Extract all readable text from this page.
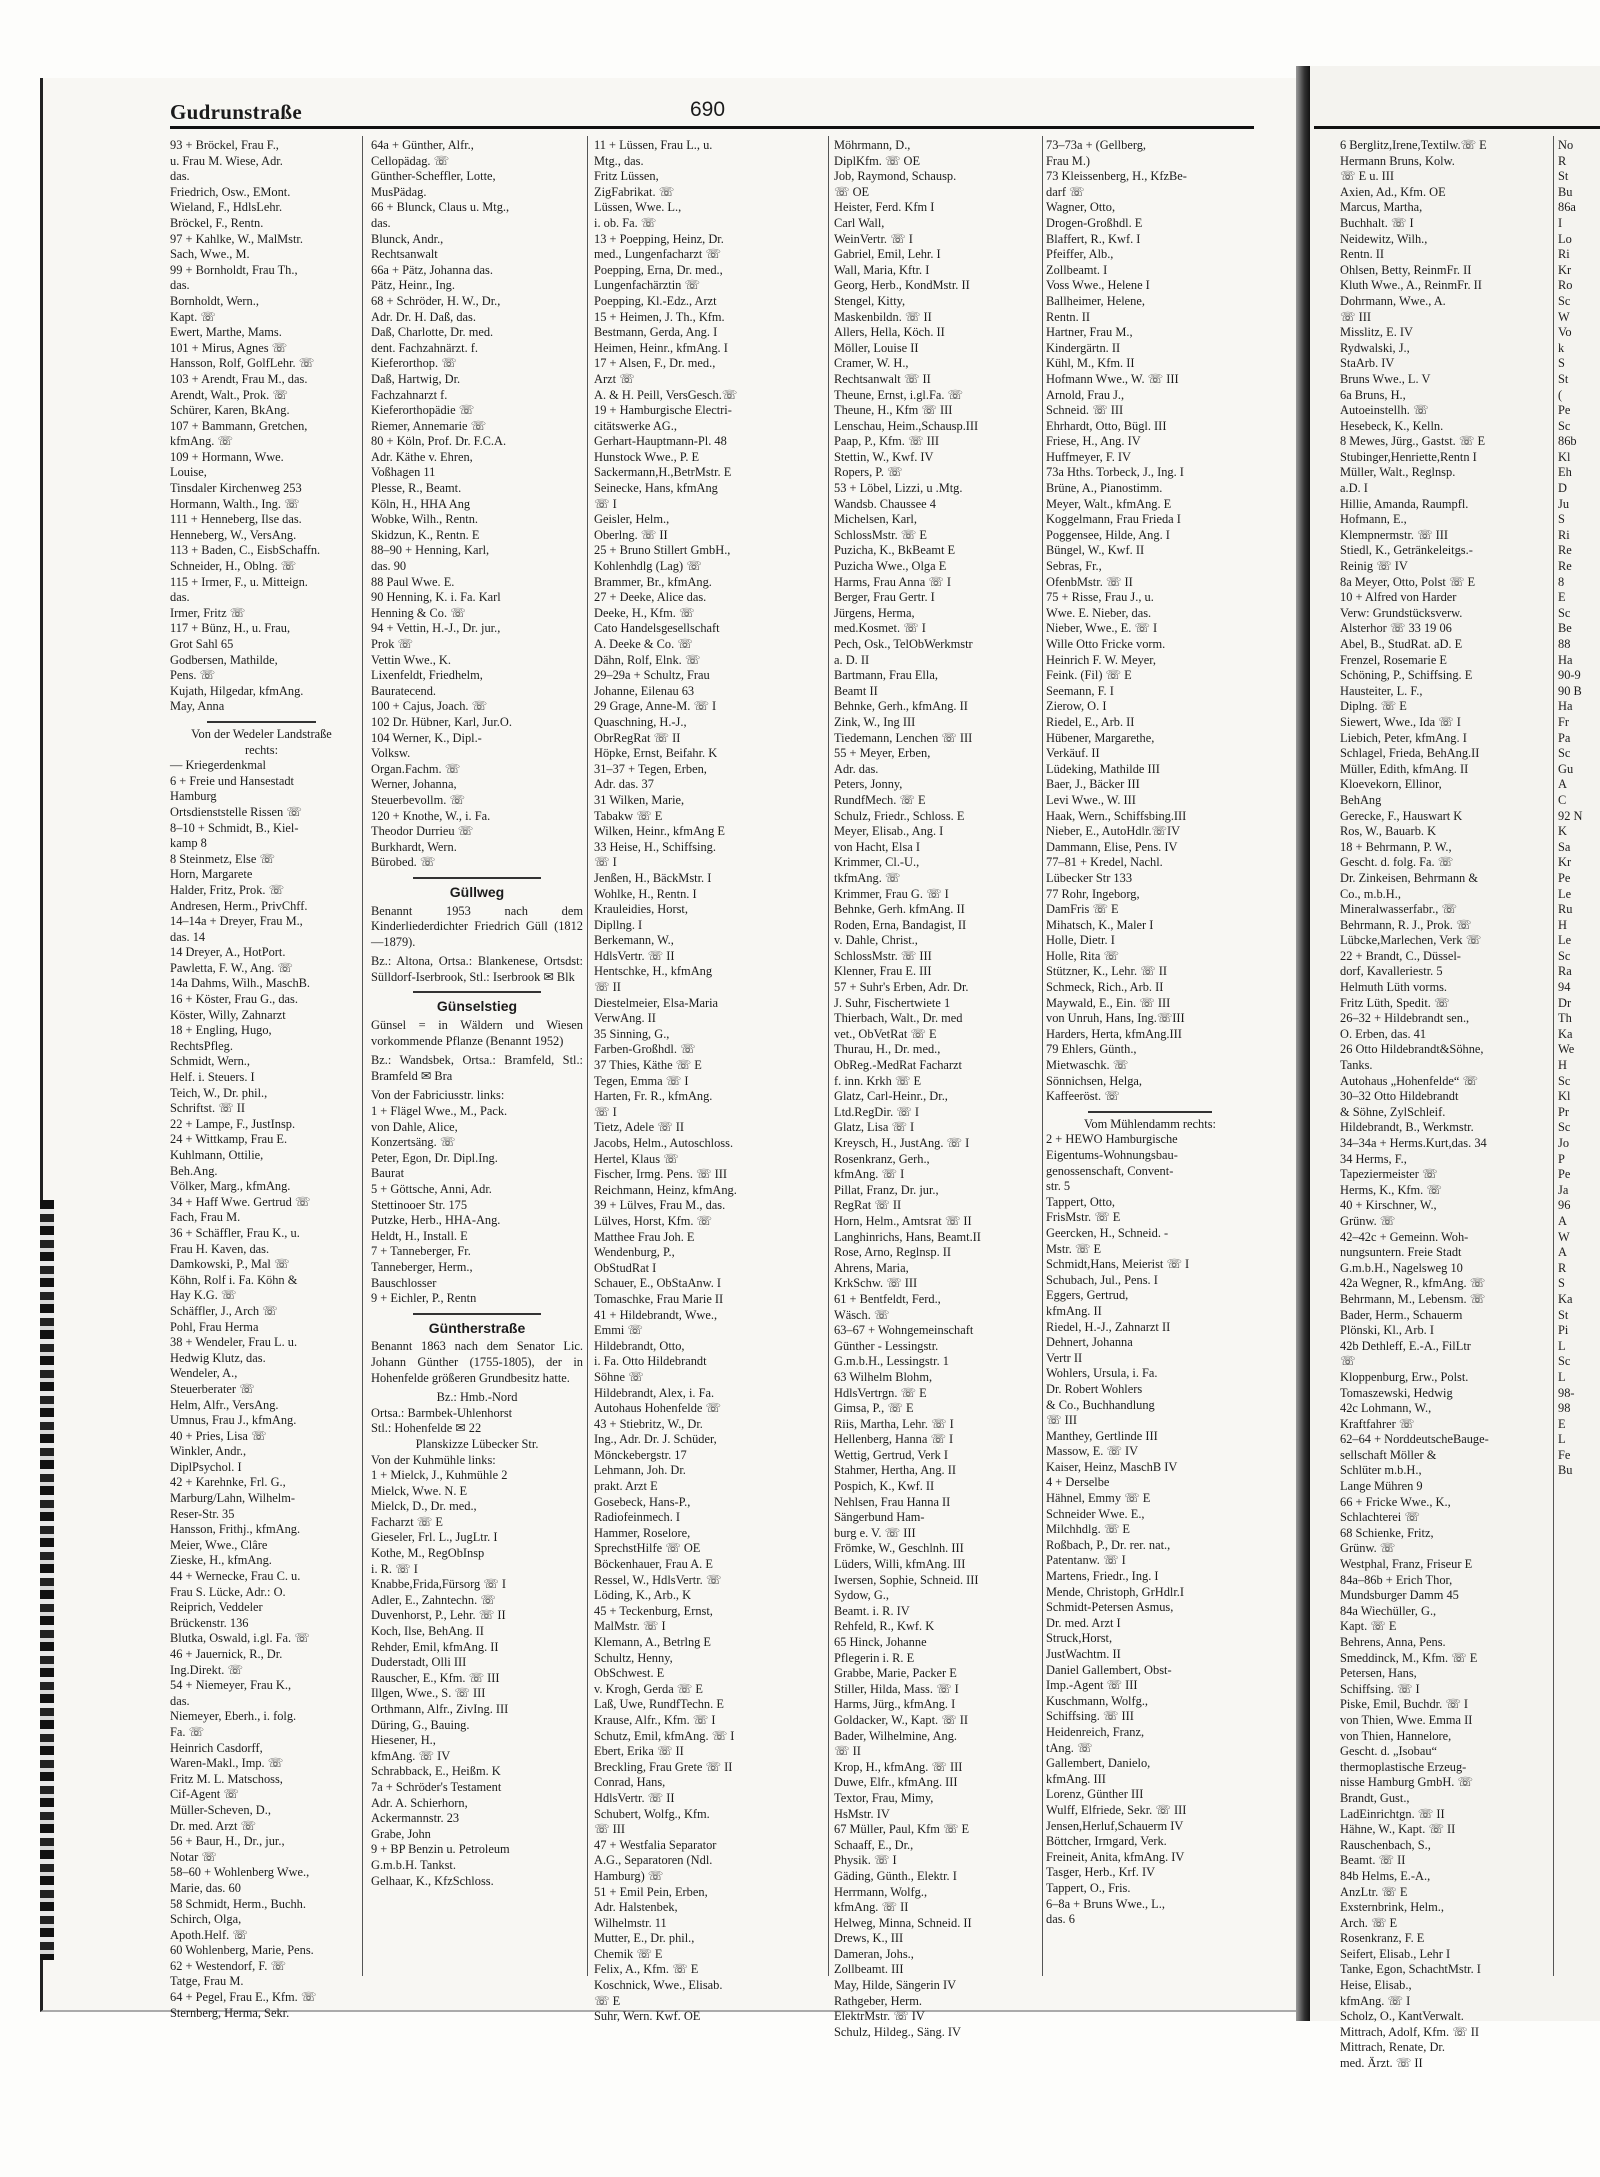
Gudrunstraße	690
93 + Bröckel, Frau F.,
u. Frau M. Wiese, Adr.
das.
Friedrich, Osw., EMont.
Wieland, F., HdlsLehr.
Bröckel, F., Rentn.
97 + Kahlke, W., MalMstr.
Sach, Wwe., M.
99 + Bornholdt, Frau Th.,
das.
Bornholdt, Wern.,
Kapt. ☏
Ewert, Marthe, Mams.
101 + Mirus, Agnes ☏
Hansson, Rolf, GolfLehr. ☏
103 + Arendt, Frau M., das.
Arendt, Walt., Prok. ☏
Schürer, Karen, BkAng.
107 + Bammann, Gretchen,
kfmAng. ☏
109 + Hormann, Wwe.
Louise,
Tinsdaler Kirchenweg 253
Hormann, Walth., Ing. ☏
111 + Henneberg, Ilse das.
Henneberg, W., VersAng.
113 + Baden, C., EisbSchaffn.
Schneider, H., Oblng. ☏
115 + Irmer, F., u. Mitteign.
das.
Irmer, Fritz ☏
117 + Bünz, H., u. Frau,
Grot Sahl 65
Godbersen, Mathilde,
Pens. ☏
Kujath, Hilgedar, kfmAng.
May, Anna
Von der Wedeler Landstraße
rechts:
— Kriegerdenkmal
6 + Freie und Hansestadt
Hamburg
Ortsdienststelle Rissen ☏
8–10 + Schmidt, B., Kiel-
kamp 8
8 Steinmetz, Else ☏
Horn, Margarete
Halder, Fritz, Prok. ☏
Andresen, Herm., PrivChff.
14–14a + Dreyer, Frau M.,
das. 14
14 Dreyer, A., HotPort.
Pawletta, F. W., Ang. ☏
14a Dahms, Wilh., MaschB.
16 + Köster, Frau G., das.
Köster, Willy, Zahnarzt
18 + Engling, Hugo,
RechtsPfleg.
Schmidt, Wern.,
Helf. i. Steuers. I
Teich, W., Dr. phil.,
Schriftst. ☏ II
22 + Lampe, F., JustInsp.
24 + Wittkamp, Frau E.
Kuhlmann, Ottilie,
Beh.Ang.
Völker, Marg., kfmAng.
34 + Haff Wwe. Gertrud ☏
Fach, Frau M.
36 + Schäffler, Frau K., u.
Frau H. Kaven, das.
Damkowski, P., Mal ☏
Köhn, Rolf i. Fa. Köhn &
Hay K.G. ☏
Schäffler, J., Arch ☏
Pohl, Frau Herma
38 + Wendeler, Frau L. u.
Hedwig Klutz, das.
Wendeler, A.,
Steuerberater ☏
Helm, Alfr., VersAng.
Umnus, Frau J., kfmAng.
40 + Pries, Lisa ☏
Winkler, Andr.,
DiplPsychol. I
42 + Karehnke, Frl. G.,
Marburg/Lahn, Wilhelm-
Reser-Str. 35
Hansson, Frithj., kfmAng.
Meier, Wwe., Clâre
Zieske, H., kfmAng.
44 + Wernecke, Frau C. u.
Frau S. Lücke, Adr.: O.
Reiprich, Veddeler
Brückenstr. 136
Blutka, Oswald, i.gl. Fa. ☏
46 + Jauernick, R., Dr.
Ing.Direkt. ☏
54 + Niemeyer, Frau K.,
das.
Niemeyer, Eberh., i. folg.
Fa. ☏
Heinrich Casdorff,
Waren-Makl., Imp. ☏
Fritz M. L. Matschoss,
Cif-Agent ☏
Müller-Scheven, D.,
Dr. med. Arzt ☏
56 + Baur, H., Dr., jur.,
Notar ☏
58–60 + Wohlenberg Wwe.,
Marie, das. 60
58 Schmidt, Herm., Buchh.
Schirch, Olga,
Apoth.Helf. ☏
60 Wohlenberg, Marie, Pens.
62 + Westendorf, F. ☏
Tatge, Frau M.
64 + Pegel, Frau E., Kfm. ☏
Sternberg, Herma, Sekr.
64a + Günther, Alfr.,
Cellopädag. ☏
Günther-Scheffler, Lotte,
MusPädag.
66 + Blunck, Claus u. Mtg.,
das.
Blunck, Andr.,
Rechtsanwalt
66a + Pätz, Johanna das.
Pätz, Heinr., Ing.
68 + Schröder, H. W., Dr.,
Adr. Dr. H. Daß, das.
Daß, Charlotte, Dr. med.
dent. Fachzahnärzt. f.
Kieferorthop. ☏
Daß, Hartwig, Dr.
Fachzahnarzt f.
Kieferorthopädie ☏
Riemer, Annemarie ☏
80 + Köln, Prof. Dr. F.C.A.
Adr. Käthe v. Ehren,
Voßhagen 11
Plesse, R., Beamt.
Köln, H., HHA Ang
Wobke, Wilh., Rentn.
Skidzun, K., Rentn. E
88–90 + Henning, Karl,
das. 90
88 Paul Wwe. E.
90 Henning, K. i. Fa. Karl
Henning & Co. ☏
94 + Vettin, H.-J., Dr. jur.,
Prok ☏
Vettin Wwe., K.
Lixenfeldt, Friedhelm,
Bauratecend.
100 + Cajus, Joach. ☏
102 Dr. Hübner, Karl, Jur.O.
104 Werner, K., Dipl.-
Volksw.
Organ.Fachm. ☏
Werner, Johanna,
Steuerbevollm. ☏
120 + Knothe, W., i. Fa.
Theodor Durrieu ☏
Burkhardt, Wern.
Bürobed. ☏
Güllweg
Benannt 1953 nach dem Kinderliederdichter Friedrich Güll (1812—1879).
Bz.: Altona, Ortsa.: Blankenese, Ortsdst: Sülldorf-Iserbrook, Stl.: Iserbrook ✉ Blk
Günselstieg
Günsel = in Wäldern und Wiesen vorkommende Pflanze (Benannt 1952)
Bz.: Wandsbek, Ortsa.: Bramfeld, Stl.: Bramfeld ✉ Bra
Von der Fabriciusstr. links:
1 + Flägel Wwe., M., Pack.
von Dahle, Alice,
Konzertsäng. ☏
Peter, Egon, Dr. Dipl.Ing.
Baurat
5 + Göttsche, Anni, Adr.
Stettinooer Str. 175
Putzke, Herb., HHA-Ang.
Heldt, H., Install. E
7 + Tanneberger, Fr.
Tanneberger, Herm.,
Bauschlosser
9 + Eichler, P., Rentn
Güntherstraße
Benannt 1863 nach dem Senator Lic. Johann Günther (1755-1805), der in Hohenfelde größeren Grundbesitz hatte.
Bz.: Hmb.-Nord
Ortsa.: Barmbek-Uhlenhorst
Stl.: Hohenfelde ✉ 22
Planskizze Lübecker Str.
Von der Kuhmühle links:
1 + Mielck, J., Kuhmühle 2
Mielck, Wwe. N. E
Mielck, D., Dr. med.,
Facharzt ☏ E
Gieseler, Frl. L., JugLtr. I
Kothe, M., RegObInsp
i. R. ☏ I
Knabbe,Frida,Fürsorg ☏ I
Adler, E., Zahntechn. ☏
Duvenhorst, P., Lehr. ☏ II
Koch, Ilse, BehAng. II
Rehder, Emil, kfmAng. II
Duderstadt, Olli III
Rauscher, E., Kfm. ☏ III
Illgen, Wwe., S. ☏ III
Orthmann, Alfr., ZivIng. III
Düring, G., Bauing.
Hiesener, H.,
kfmAng. ☏ IV
Schrabback, E., Heißm. K
7a + Schröder's Testament
Adr. A. Schierhorn,
Ackermannstr. 23
Grabe, John
9 + BP Benzin u. Petroleum
G.m.b.H. Tankst.
Gelhaar, K., KfzSchloss.
11 + Lüssen, Frau L., u.
Mtg., das.
Fritz Lüssen,
ZigFabrikat. ☏
Lüssen, Wwe. L.,
i. ob. Fa. ☏
13 + Poepping, Heinz, Dr.
med., Lungenfacharzt ☏
Poepping, Erna, Dr. med.,
Lungenfachärztin ☏
Poepping, Kl.-Edz., Arzt
15 + Heimen, J. Th., Kfm.
Bestmann, Gerda, Ang. I
Heimen, Heinr., kfmAng. I
17 + Alsen, F., Dr. med.,
Arzt ☏
A. & H. Peill, VersGesch.☏
19 + Hamburgische Electri-
citätswerke AG.,
Gerhart-Hauptmann-Pl. 48
Hunstock Wwe., P. E
Sackermann,H.,BetrMstr. E
Seinecke, Hans, kfmAng
☏ I
Geisler, Helm.,
Oberlng. ☏ II
25 + Bruno Stillert GmbH.,
Kohlenhdlg (Lag) ☏
Brammer, Br., kfmAng.
27 + Deeke, Alice das.
Deeke, H., Kfm. ☏
Cato Handelsgesellschaft
A. Deeke & Co. ☏
Dähn, Rolf, Elnk. ☏
29–29a + Schultz, Frau
Johanne, Eilenau 63
29 Grage, Anne-M. ☏ I
Quaschning, H.-J.,
ObrRegRat ☏ II
Höpke, Ernst, Beifahr. K
31–37 + Tegen, Erben,
Adr. das. 37
31 Wilken, Marie,
Tabakw ☏ E
Wilken, Heinr., kfmAng E
33 Heise, H., Schiffsing.
☏ I
Jenßen, H., BäckMstr. I
Wohlke, H., Rentn. I
Krauleidies, Horst,
Dipllng. I
Berkemann, W.,
HdlsVertr. ☏ II
Hentschke, H., kfmAng
☏ II
Diestelmeier, Elsa-Maria
VerwAng. II
35 Sinning, G.,
Farben-Großhdl. ☏
37 Thies, Käthe ☏ E
Tegen, Emma ☏ I
Harten, Fr. R., kfmAng.
☏ I
Tietz, Adele ☏ II
Jacobs, Helm., Autoschloss.
Hertel, Klaus ☏
Fischer, Irmg. Pens. ☏ III
Reichmann, Heinz, kfmAng.
39 + Lülves, Frau M., das.
Lülves, Horst, Kfm. ☏
Matthee Frau Joh. E
Wendenburg, P.,
ObStudRat I
Schauer, E., ObStaAnw. I
Tomaschke, Frau Marie II
41 + Hildebrandt, Wwe.,
Emmi ☏
Hildebrandt, Otto,
i. Fa. Otto Hildebrandt
Söhne ☏
Hildebrandt, Alex, i. Fa.
Autohaus Hohenfelde ☏
43 + Stiebritz, W., Dr.
Ing., Adr. Dr. J. Schüder,
Mönckebergstr. 17
Lehmann, Joh. Dr.
prakt. Arzt E
Gosebeck, Hans-P.,
Radiofeinmech. I
Hammer, Roselore,
SprechstHilfe ☏ OE
Böckenhauer, Frau A. E
Ressel, W., HdlsVertr. ☏
Löding, K., Arb., K
45 + Teckenburg, Ernst,
MalMstr. ☏ I
Klemann, A., Betrlng E
Schultz, Henny,
ObSchwest. E
v. Krogh, Gerda ☏ E
Laß, Uwe, RundfTechn. E
Krause, Alfr., Kfm. ☏ I
Schutz, Emil, kfmAng. ☏ I
Ebert, Erika ☏ II
Breckling, Frau Grete ☏ II
Conrad, Hans,
HdlsVertr. ☏ II
Schubert, Wolfg., Kfm.
☏ III
47 + Westfalia Separator
A.G., Separatoren (Ndl.
Hamburg) ☏
51 + Emil Pein, Erben,
Adr. Halstenbek,
Wilhelmstr. 11
Mutter, E., Dr. phil.,
Chemik ☏ E
Felix, A., Kfm. ☏ E
Koschnick, Wwe., Elisab.
☏ E
Suhr, Wern. Kwf. OE
Möhrmann, D.,
DiplKfm. ☏ OE
Job, Raymond, Schausp.
☏ OE
Heister, Ferd. Kfm I
Carl Wall,
WeinVertr. ☏ I
Gabriel, Emil, Lehr. I
Wall, Maria, Kftr. I
Georg, Herb., KondMstr. II
Stengel, Kitty,
Maskenbildn. ☏ II
Allers, Hella, Köch. II
Möller, Louise II
Cramer, W. H.,
Rechtsanwalt ☏ II
Theune, Ernst, i.gl.Fa. ☏
Theune, H., Kfm ☏ III
Lenschau, Heim.,Schausp.III
Paap, P., Kfm. ☏ III
Stettin, W., Kwf. IV
Ropers, P. ☏
53 + Löbel, Lizzi, u .Mtg.
Wandsb. Chaussee 4
Michelsen, Karl,
SchlossMstr. ☏ E
Puzicha, K., BkBeamt E
Puzicha Wwe., Olga E
Harms, Frau Anna ☏ I
Berger, Frau Gertr. I
Jürgens, Herma,
med.Kosmet. ☏ I
Pech, Osk., TelObWerkmstr
a. D. II
Bartmann, Frau Ella,
Beamt II
Behnke, Gerh., kfmAng. II
Zink, W., Ing III
Tiedemann, Lenchen ☏ III
55 + Meyer, Erben,
Adr. das.
Peters, Jonny,
RundfMech. ☏ E
Schulz, Friedr., Schloss. E
Meyer, Elisab., Ang. I
von Hacht, Elsa I
Krimmer, Cl.-U.,
tkfmAng. ☏
Krimmer, Frau G. ☏ I
Behnke, Gerh. kfmAng. II
Roden, Erna, Bandagist, II
v. Dahle, Christ.,
SchlossMstr. ☏ III
Klenner, Frau E. III
57 + Suhr's Erben, Adr. Dr.
J. Suhr, Fischertwiete 1
Thierbach, Walt., Dr. med
vet., ObVetRat ☏ E
Thurau, H., Dr. med.,
ObReg.-MedRat Facharzt
f. inn. Krkh ☏ E
Glatz, Carl-Heinr., Dr.,
Ltd.RegDir. ☏ I
Glatz, Lisa ☏ I
Kreysch, H., JustAng. ☏ I
Rosenkranz, Gerh.,
kfmAng. ☏ I
Pillat, Franz, Dr. jur.,
RegRat ☏ II
Horn, Helm., Amtsrat ☏ II
Langhinrichs, Hans, Beamt.II
Rose, Arno, Reglnsp. II
Ahrens, Maria,
KrkSchw. ☏ III
61 + Bentfeldt, Ferd.,
Wäsch. ☏
63–67 + Wohngemeinschaft
Günther - Lessingstr.
G.m.b.H., Lessingstr. 1
63 Wilhelm Blohm,
HdlsVertrgn. ☏ E
Gimsa, P., ☏ E
Riis, Martha, Lehr. ☏ I
Hellenberg, Hanna ☏ I
Wettig, Gertrud, Verk I
Stahmer, Hertha, Ang. II
Pospich, K., Kwf. II
Nehlsen, Frau Hanna II
Sängerbund Ham-
burg e. V. ☏ III
Frömke, W., Geschlnh. III
Lüders, Willi, kfmAng. III
Iwersen, Sophie, Schneid. III
Sydow, G.,
Beamt. i. R. IV
Rehfeld, R., Kwf. K
65 Hinck, Johanne
Pflegerin i. R. E
Grabbe, Marie, Packer E
Stiller, Hilda, Mass. ☏ I
Harms, Jürg., kfmAng. I
Goldacker, W., Kapt. ☏ II
Bader, Wilhelmine, Ang.
☏ II
Krop, H., kfmAng. ☏ III
Duwe, Elfr., kfmAng. III
Textor, Frau, Mimy,
HsMstr. IV
67 Müller, Paul, Kfm ☏ E
Schaaff, E., Dr.,
Physik. ☏ I
Gäding, Günth., Elektr. I
Herrmann, Wolfg.,
kfmAng. ☏ II
Helweg, Minna, Schneid. II
Drews, K., III
Dameran, Johs.,
Zollbeamt. III
May, Hilde, Sängerin IV
Rathgeber, Herm.
ElektrMstr. ☏ IV
Schulz, Hildeg., Säng. IV
73–73a + (Gellberg,
Frau M.)
73 Kleissenberg, H., KfzBe-
darf ☏
Wagner, Otto,
Drogen-Großhdl. E
Blaffert, R., Kwf. I
Pfeiffer, Alb.,
Zollbeamt. I
Voss Wwe., Helene I
Ballheimer, Helene,
Rentn. II
Hartner, Frau M.,
Kindergärtn. II
Kühl, M., Kfm. II
Hofmann Wwe., W. ☏ III
Arnold, Frau J.,
Schneid. ☏ III
Ehrhardt, Otto, Bügl. III
Friese, H., Ang. IV
Huffmeyer, F. IV
73a Hths. Torbeck, J., Ing. I
Brüne, A., Pianostimm.
Meyer, Walt., kfmAng. E
Koggelmann, Frau Frieda I
Poggensee, Hilde, Ang. I
Büngel, W., Kwf. II
Sebras, Fr.,
OfenbMstr. ☏ II
75 + Risse, Frau J., u.
Wwe. E. Nieber, das.
Nieber, Wwe., E. ☏ I
Wille Otto Fricke vorm.
Heinrich F. W. Meyer,
Feink. (Fil) ☏ E
Seemann, F. I
Zierow, O. I
Riedel, E., Arb. II
Hübener, Margarethe,
Verkäuf. II
Lüdeking, Mathilde III
Baer, J., Bäcker III
Levi Wwe., W. III
Haak, Wern., Schiffsbing.III
Nieber, E., AutoHdlr.☏IV
Dammann, Elise, Pens. IV
77–81 + Kredel, Nachl.
Lübecker Str 133
77 Rohr, Ingeborg,
DamFris ☏ E
Mihatsch, K., Maler I
Holle, Dietr. I
Holle, Rita ☏
Stützner, K., Lehr. ☏ II
Schmeck, Rich., Arb. II
Maywald, E., Ein. ☏ III
von Unruh, Hans, Ing.☏III
Harders, Herta, kfmAng.III
79 Ehlers, Günth.,
Mietwaschk. ☏
Sönnichsen, Helga,
Kaffeeröst. ☏
Vom Mühlendamm rechts:
2 + HEWO Hamburgische
Eigentums-Wohnungsbau-
genossenschaft, Convent-
str. 5
Tappert, Otto,
FrisMstr. ☏ E
Geercken, H., Schneid. -
Mstr. ☏ E
Schmidt,Hans, Meierist ☏ I
Schubach, Jul., Pens. I
Eggers, Gertrud,
kfmAng. II
Riedel, H.-J., Zahnarzt II
Dehnert, Johanna
Vertr II
Wohlers, Ursula, i. Fa.
Dr. Robert Wohlers
& Co., Buchhandlung
☏ III
Manthey, Gertlinde III
Massow, E. ☏ IV
Kaiser, Heinz, MaschB IV
4 + Derselbe
Hähnel, Emmy ☏ E
Schneider Wwe. E.,
Milchhdlg. ☏ E
Roßbach, P., Dr. rer. nat.,
Patentanw. ☏ I
Martens, Friedr., Ing. I
Mende, Christoph, GrHdlr.I
Schmidt-Petersen Asmus,
Dr. med. Arzt I
Struck,Horst,
JustWachtm. II
Daniel Gallembert, Obst-
Imp.-Agent ☏ III
Kuschmann, Wolfg.,
Schiffsing. ☏ III
Heidenreich, Franz,
tAng. ☏
Gallembert, Danielo,
kfmAng. III
Lorenz, Günther III
Wulff, Elfriede, Sekr. ☏ III
Jensen,Herluf,Schauerm IV
Böttcher, Irmgard, Verk.
Freineit, Anita, kfmAng. IV
Tasger, Herb., Krf. IV
Tappert, O., Fris.
6–8a + Bruns Wwe., L.,
das. 6
6 Berglitz,Irene,Textilw.☏ E
Hermann Bruns, Kolw.
☏ E u. III
Axien, Ad., Kfm. OE
Marcus, Martha,
Buchhalt. ☏ I
Neidewitz, Wilh.,
Rentn. II
Ohlsen, Betty, ReinmFr. II
Kluth Wwe., A., ReinmFr. II
Dohrmann, Wwe., A.
☏ III
Misslitz, E. IV
Rydwalski, J.,
StaArb. IV
Bruns Wwe., L. V
6a Bruns, H.,
Autoeinstellh. ☏
Hesebeck, K., Kelln.
8 Mewes, Jürg., Gastst. ☏ E
Stubinger,Henriette,Rentn I
Müller, Walt., Reglnsp.
a.D. I
Hillie, Amanda, Raumpfl.
Hofmann, E.,
Klempnermstr. ☏ III
Stiedl, K., Getränkeleitgs.-
Reinig ☏ IV
8a Meyer, Otto, Polst ☏ E
10 + Alfred von Harder
Verw: Grundstücksverw.
Alsterhor ☏ 33 19 06
Abel, B., StudRat. aD. E
Frenzel, Rosemarie E
Schöning, P., Schiffsing. E
Hausteiter, L. F.,
Diplng. ☏ E
Siewert, Wwe., Ida ☏ I
Liebich, Peter, kfmAng. I
Schlagel, Frieda, BehAng.II
Müller, Edith, kfmAng. II
Kloevekorn, Ellinor,
BehAng
Gerecke, F., Hauswart K
Ros, W., Bauarb. K
18 + Behrmann, P. W.,
Gescht. d. folg. Fa. ☏
Dr. Zinkeisen, Behrmann &
Co., m.b.H.,
Mineralwasserfabr., ☏
Behrmann, R. J., Prok. ☏
Lübcke,Marlechen, Verk ☏
22 + Brandt, C., Düssel-
dorf, Kavalleriestr. 5
Helmuth Lüth vorms.
Fritz Lüth, Spedit. ☏
26–32 + Hildebrandt sen.,
O. Erben, das. 41
26 Otto Hildebrandt&Söhne,
Tanks.
Autohaus „Hohenfelde“ ☏
30–32 Otto Hildebrandt
& Söhne, ZylSchleif.
Hildebrandt, B., Werkmstr.
34–34a + Herms.Kurt,das. 34
34 Herms, F.,
Tapeziermeister ☏
Herms, K., Kfm. ☏
40 + Kirschner, W.,
Grünw. ☏
42–42c + Gemeinn. Woh-
nungsuntern. Freie Stadt
G.m.b.H., Nagelsweg 10
42a Wegner, R., kfmAng. ☏
Behrmann, M., Lebensm. ☏
Bader, Herm., Schauerm
Plönski, Kl., Arb. I
42b Dethleff, E.-A., FilLtr
☏
Kloppenburg, Erw., Polst.
Tomaszewski, Hedwig
42c Lohmann, W.,
Kraftfahrer ☏
62–64 + NorddeutscheBauge-
sellschaft Möller &
Schlüter m.b.H.,
Lange Mühren 9
66 + Fricke Wwe., K.,
Schlachterei ☏
68 Schienke, Fritz,
Grünw. ☏
Westphal, Franz, Friseur E
84a–86b + Erich Thor,
Mundsburger Damm 45
84a Wiechüller, G.,
Kapt. ☏ E
Behrens, Anna, Pens.
Smeddinck, M., Kfm. ☏ E
Petersen, Hans,
Schiffsing. ☏ I
Piske, Emil, Buchdr. ☏ I
von Thien, Wwe. Emma II
von Thien, Hannelore,
Gescht. d. „Isobau“
thermoplastische Erzeug-
nisse Hamburg GmbH. ☏
Brandt, Gust.,
LadEinrichtgn. ☏ II
Hähne, W., Kapt. ☏ II
Rauschenbach, S.,
Beamt. ☏ II
84b Helms, E.-A.,
AnzLtr. ☏ E
Exsternbrink, Helm.,
Arch. ☏ E
Rosenkranz, F. E
Seifert, Elisab., Lehr I
Tanke, Egon, SchachtMstr. I
Heise, Elisab.,
kfmAng. ☏ I
Scholz, O., KantVerwalt.
Mittrach, Adolf, Kfm. ☏ II
Mittrach, Renate, Dr.
med. Ärzt. ☏ II
No
R
St
Bu
86a
I
Lo
Ri
Kr
Ro
Sc
W
Vo
k
S
St
(
Pe
Sc
86b
Kl
Eh
D
Ju
S
Ri
Re
Re
8
E
Sc
Be
88
Ha
90-9
90 B
Ha
Fr
Pa
Sc
Gu
A
C
92 N
K
Sa
Kr
Pe
Le
Ru
H
Le
Sc
Ra
94
Dr
Th
Ka
We
H
Sc
Kl
Pr
Sc
Jo
P
Pe
Ja
96
A
W
A
R
S
Ka
St
Pi
L
Sc
L
98-
98
E
L
Fe
Bu
